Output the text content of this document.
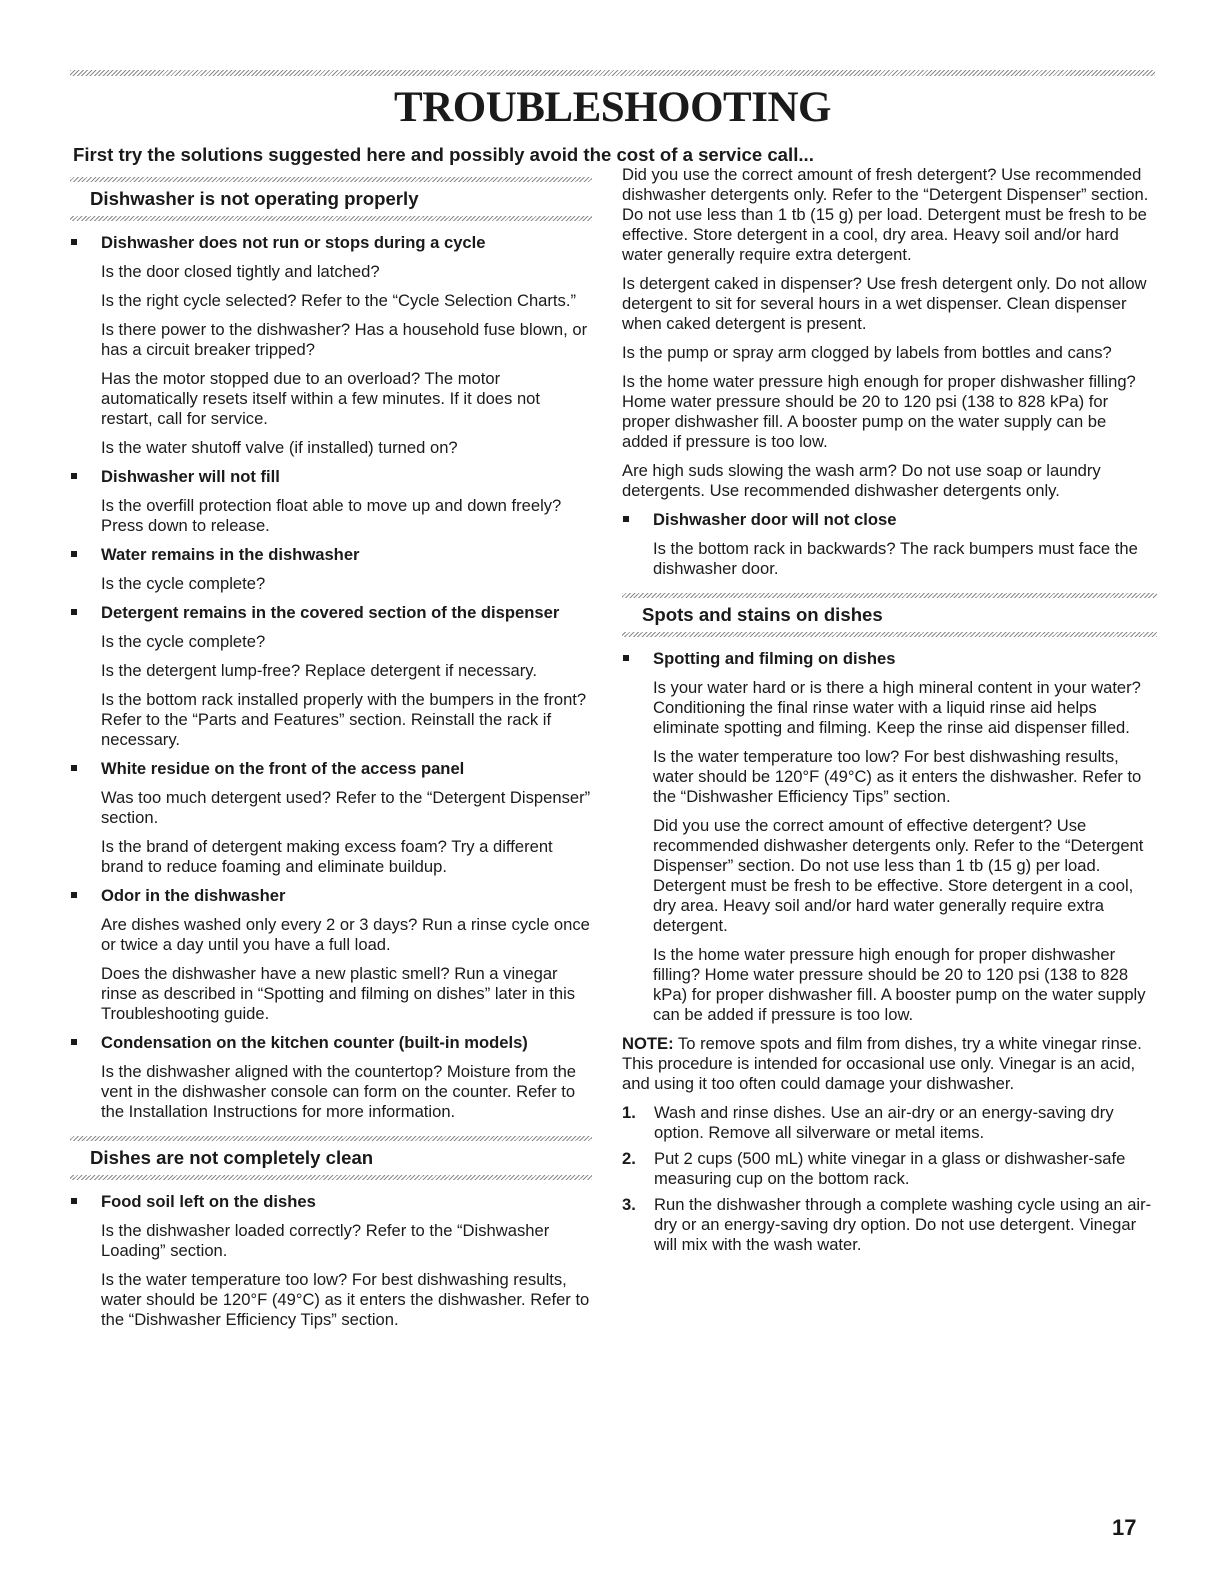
TROUBLESHOOTING

First try the solutions suggested here and possibly avoid the cost of a service call...

Dishwasher is not operating properly

Dishwasher does not run or stops during a cycle

Is the door closed tightly and latched?

Is the right cycle selected? Refer to the “Cycle Selection Charts.”

Is there power to the dishwasher? Has a household fuse blown, or has a circuit breaker tripped?

Has the motor stopped due to an overload? The motor automatically resets itself within a few minutes. If it does not restart, call for service.

Is the water shutoff valve (if installed) turned on?

Dishwasher will not fill

Is the overfill protection float able to move up and down freely? Press down to release.

Water remains in the dishwasher

Is the cycle complete?

Detergent remains in the covered section of the dispenser

Is the cycle complete?

Is the detergent lump-free? Replace detergent if necessary.

Is the bottom rack installed properly with the bumpers in the front? Refer to the “Parts and Features” section. Reinstall the rack if necessary.

White residue on the front of the access panel

Was too much detergent used? Refer to the “Detergent Dispenser” section.

Is the brand of detergent making excess foam? Try a different brand to reduce foaming and eliminate buildup.

Odor in the dishwasher

Are dishes washed only every 2 or 3 days? Run a rinse cycle once or twice a day until you have a full load.

Does the dishwasher have a new plastic smell? Run a vinegar rinse as described in “Spotting and filming on dishes” later in this Troubleshooting guide.

Condensation on the kitchen counter (built-in models)

Is the dishwasher aligned with the countertop? Moisture from the vent in the dishwasher console can form on the counter. Refer to the Installation Instructions for more information.

Dishes are not completely clean

Food soil left on the dishes

Is the dishwasher loaded correctly? Refer to the “Dishwasher Loading” section.

Is the water temperature too low? For best dishwashing results, water should be 120°F (49°C) as it enters the dishwasher. Refer to the “Dishwasher Efficiency Tips” section.

Did you use the correct amount of fresh detergent? Use recommended dishwasher detergents only. Refer to the “Detergent Dispenser” section. Do not use less than 1 tb (15 g) per load. Detergent must be fresh to be effective. Store detergent in a cool, dry area. Heavy soil and/or hard water generally require extra detergent.

Is detergent caked in dispenser? Use fresh detergent only. Do not allow detergent to sit for several hours in a wet dispenser. Clean dispenser when caked detergent is present.

Is the pump or spray arm clogged by labels from bottles and cans?

Is the home water pressure high enough for proper dishwasher filling? Home water pressure should be 20 to 120 psi (138 to 828 kPa) for proper dishwasher fill. A booster pump on the water supply can be added if pressure is too low.

Are high suds slowing the wash arm? Do not use soap or laundry detergents. Use recommended dishwasher detergents only.

Dishwasher door will not close

Is the bottom rack in backwards? The rack bumpers must face the dishwasher door.

Spots and stains on dishes

Spotting and filming on dishes

Is your water hard or is there a high mineral content in your water? Conditioning the final rinse water with a liquid rinse aid helps eliminate spotting and filming. Keep the rinse aid dispenser filled.

Is the water temperature too low? For best dishwashing results, water should be 120°F (49°C) as it enters the dishwasher. Refer to the “Dishwasher Efficiency Tips” section.

Did you use the correct amount of effective detergent? Use recommended dishwasher detergents only. Refer to the “Detergent Dispenser” section. Do not use less than 1 tb (15 g) per load. Detergent must be fresh to be effective. Store detergent in a cool, dry area. Heavy soil and/or hard water generally require extra detergent.

Is the home water pressure high enough for proper dishwasher filling? Home water pressure should be 20 to 120 psi (138 to 828 kPa) for proper dishwasher fill. A booster pump on the water supply can be added if pressure is too low.

NOTE: To remove spots and film from dishes, try a white vinegar rinse. This procedure is intended for occasional use only. Vinegar is an acid, and using it too often could damage your dishwasher.

1. Wash and rinse dishes. Use an air-dry or an energy-saving dry option. Remove all silverware or metal items.
2. Put 2 cups (500 mL) white vinegar in a glass or dishwasher-safe measuring cup on the bottom rack.
3. Run the dishwasher through a complete washing cycle using an air-dry or an energy-saving dry option. Do not use detergent. Vinegar will mix with the wash water.
17
